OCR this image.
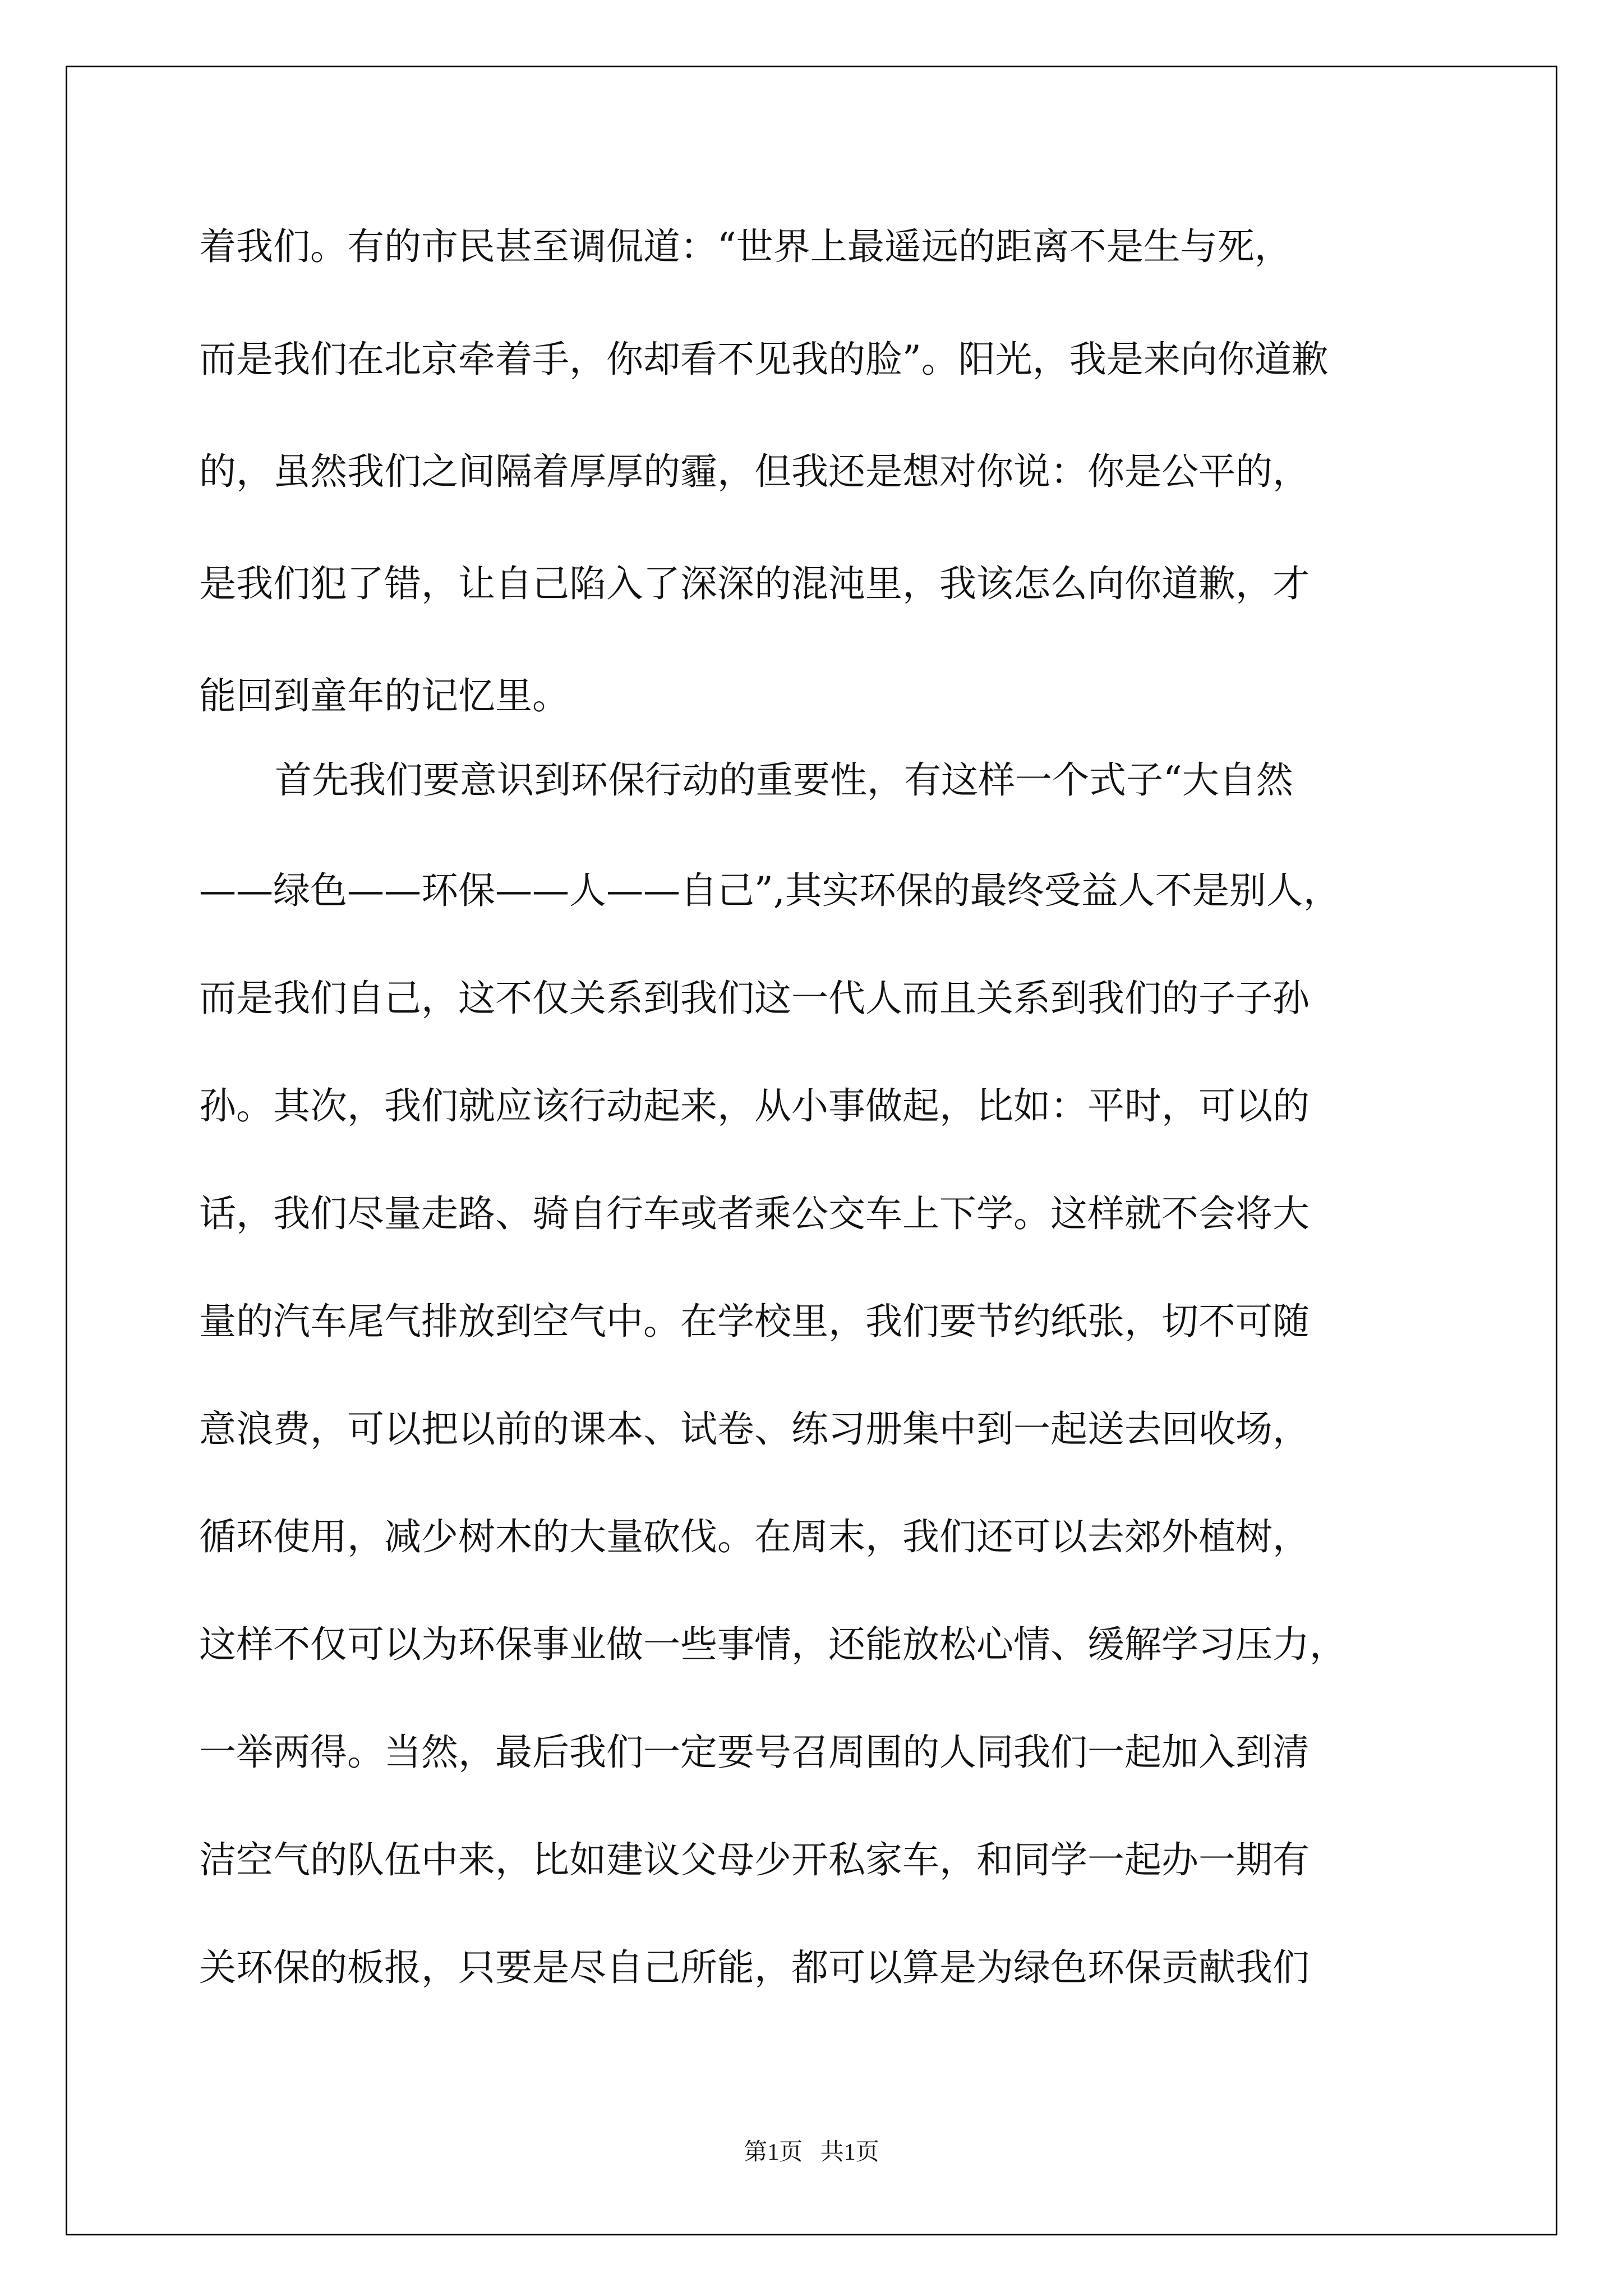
着我们。有的市民甚至调侃道：“世界上最遥远的距离不是生与死，

而是我们在北京牵着手，你却看不见我的脸”。阳光，我是来向你道歉

的，虽然我们之间隔着厚厚的霾，但我还是想对你说：你是公平的，

是我们犯了错，让自己陷入了深深的混沌里，我该怎么向你道歉，才

能回到童年的记忆里。

首先我们要意识到环保行动的重要性，有这样一个式子“大自然

——绿色——环保——人——自己”,其实环保的最终受益人不是别人，

而是我们自己，这不仅关系到我们这一代人而且关系到我们的子子孙

孙。其次，我们就应该行动起来，从小事做起，比如：平时，可以的

话，我们尽量走路、骑自行车或者乘公交车上下学。这样就不会将大

量的汽车尾气排放到空气中。在学校里，我们要节约纸张，切不可随

意浪费，可以把以前的课本、试卷、练习册集中到一起送去回收场，

循环使用，减少树木的大量砍伐。在周末，我们还可以去郊外植树，

这样不仅可以为环保事业做一些事情，还能放松心情、缓解学习压力，

一举两得。当然，最后我们一定要号召周围的人同我们一起加入到清

洁空气的队伍中来，比如建议父母少开私家车，和同学一起办一期有

关环保的板报，只要是尽自己所能，都可以算是为绿色环保贡献我们

第1页   共1页
